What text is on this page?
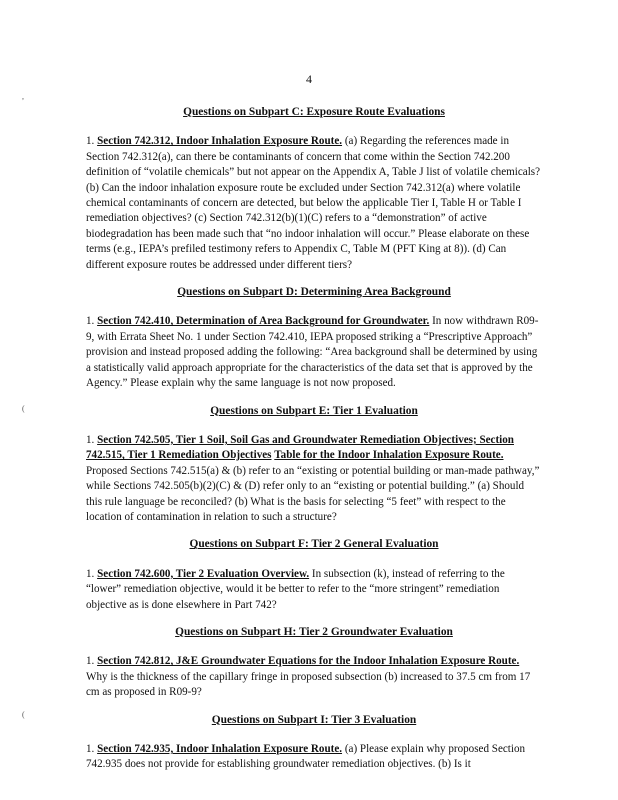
,
(
(
4
Questions on Subpart C: Exposure Route Evaluations

1. Section 742.312, Indoor Inhalation Exposure Route. (a) Regarding the references made in Section 742.312(a), can there be contaminants of concern that come within the Section 742.200 definition of “volatile chemicals” but not appear on the Appendix A, Table J list of volatile chemicals? (b) Can the indoor inhalation exposure route be excluded under Section 742.312(a) where volatile chemical contaminants of concern are detected, but below the applicable Tier I, Table H or Table I remediation objectives? (c) Section 742.312(b)(1)(C) refers to a “demonstration” of active biodegradation has been made such that “no indoor inhalation will occur.” Please elaborate on these terms (e.g., IEPA’s prefiled testimony refers to Appendix C, Table M (PFT King at 8)). (d) Can different exposure routes be addressed under different tiers?

Questions on Subpart D: Determining Area Background

1. Section 742.410, Determination of Area Background for Groundwater. In now withdrawn R09-9, with Errata Sheet No. 1 under Section 742.410, IEPA proposed striking a “Prescriptive Approach” provision and instead proposed adding the following: “Area background shall be determined by using a statistically valid approach appropriate for the characteristics of the data set that is approved by the Agency.” Please explain why the same language is not now proposed.

Questions on Subpart E: Tier 1 Evaluation

1. Section 742.505, Tier 1 Soil, Soil Gas and Groundwater Remediation Objectives; Section 742.515, Tier 1 Remediation Objectives Table for the Indoor Inhalation Exposure Route. Proposed Sections 742.515(a) & (b) refer to an “existing or potential building or man-made pathway,” while Sections 742.505(b)(2)(C) & (D) refer only to an “existing or potential building.” (a) Should this rule language be reconciled? (b) What is the basis for selecting “5 feet” with respect to the location of contamination in relation to such a structure?

Questions on Subpart F: Tier 2 General Evaluation

1. Section 742.600, Tier 2 Evaluation Overview. In subsection (k), instead of referring to the “lower” remediation objective, would it be better to refer to the “more stringent” remediation objective as is done elsewhere in Part 742?

Questions on Subpart H: Tier 2 Groundwater Evaluation

1. Section 742.812, J&E Groundwater Equations for the Indoor Inhalation Exposure Route. Why is the thickness of the capillary fringe in proposed subsection (b) increased to 37.5 cm from 17 cm as proposed in R09-9?

Questions on Subpart I: Tier 3 Evaluation

1. Section 742.935, Indoor Inhalation Exposure Route. (a) Please explain why proposed Section 742.935 does not provide for establishing groundwater remediation objectives. (b) Is it
